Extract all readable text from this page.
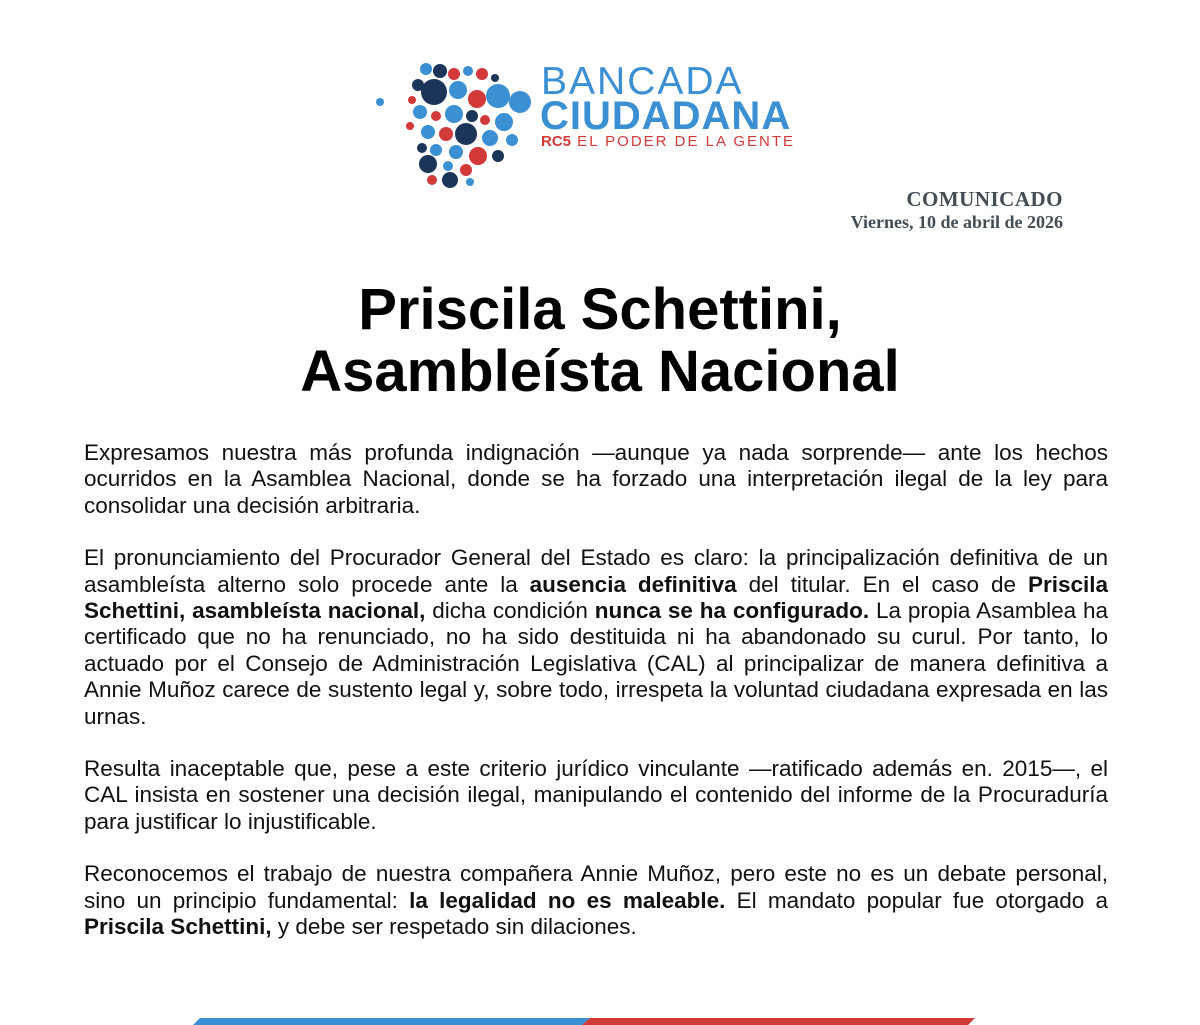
BANCADA
CIUDADANA
RC5 EL PODER DE LA GENTE
COMUNICADO
Viernes, 10 de abril de 2026
Priscila Schettini,
Asambleísta Nacional

Expresamos nuestra más profunda indignación —aunque ya nada sorprende— ante los hechos ocurridos en la Asamblea Nacional, donde se ha forzado una interpretación ilegal de la ley para consolidar una decisión arbitraria.

El pronunciamiento del Procurador General del Estado es claro: la principalización definitiva de un asambleísta alterno solo procede ante la ausencia definitiva del titular. En el caso de Priscila Schettini, asambleísta nacional, dicha condición nunca se ha configurado. La propia Asamblea ha certificado que no ha renunciado, no ha sido destituida ni ha abandonado su curul. Por tanto, lo actuado por el Consejo de Administración Legislativa (CAL) al principalizar de manera definitiva a Annie Muñoz carece de sustento legal y, sobre todo, irrespeta la voluntad ciudadana expresada en las urnas.

Resulta inaceptable que, pese a este criterio jurídico vinculante —ratificado además en. 2015—, el CAL insista en sostener una decisión ilegal, manipulando el contenido del informe de la Procuraduría para justificar lo injustificable.

Reconocemos el trabajo de nuestra compañera Annie Muñoz, pero este no es un debate personal, sino un principio fundamental: la legalidad no es maleable. El mandato popular fue otorgado a Priscila Schettini, y debe ser respetado sin dilaciones.
